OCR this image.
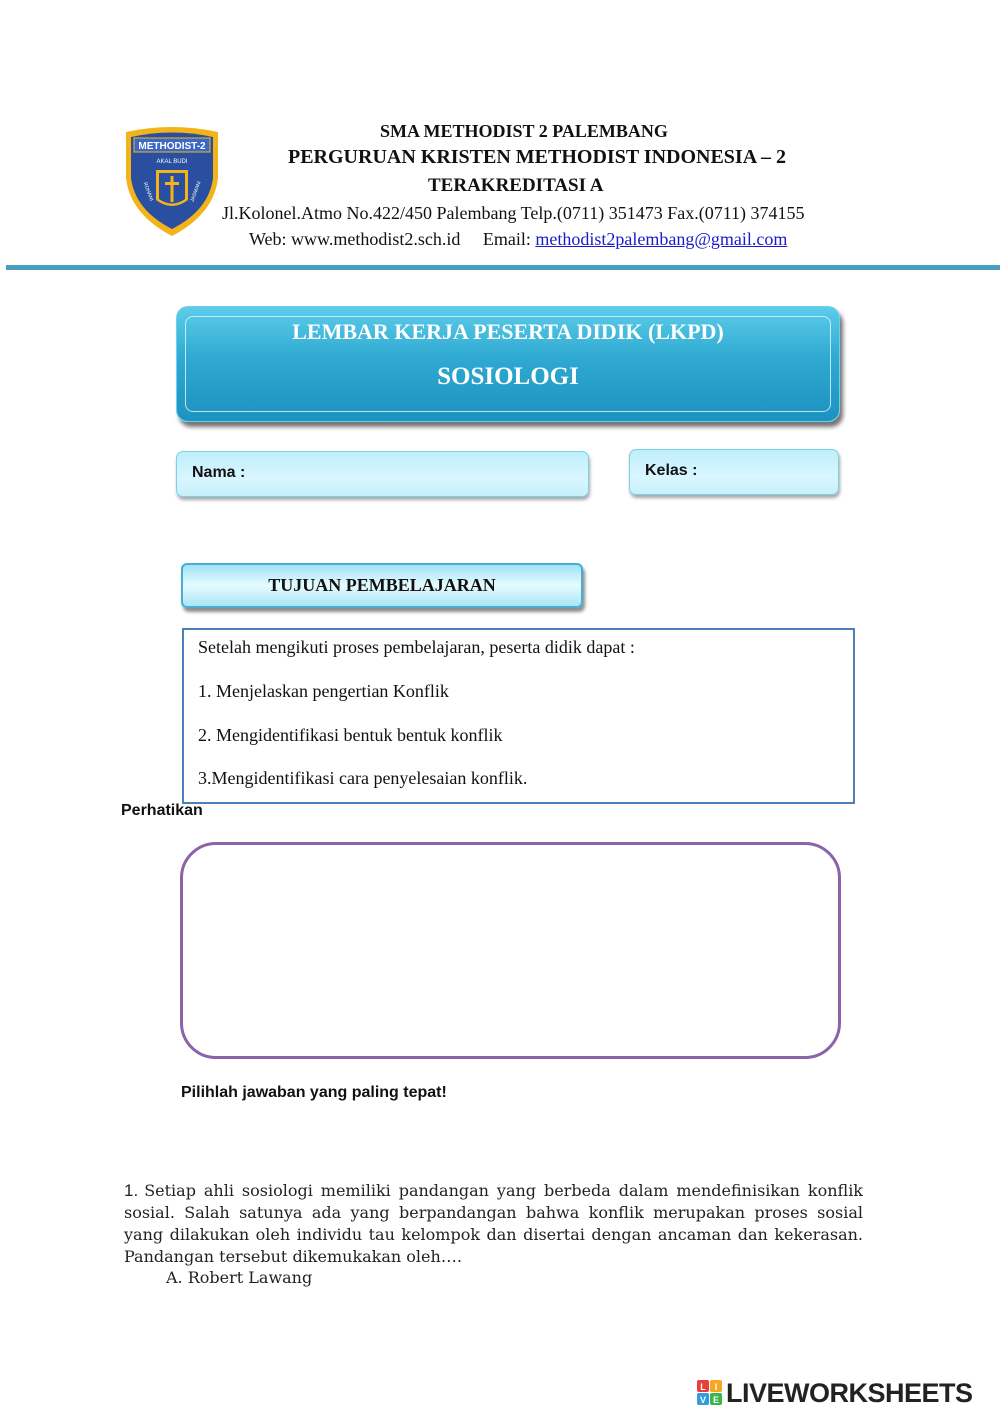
METHODIST-2
AKAL BUDI
ROHANI	JASMANI
SMA METHODIST 2 PALEMBANG
PERGURUAN KRISTEN METHODIST INDONESIA – 2
TERAKREDITASI A
Jl.Kolonel.Atmo No.422/450 Palembang Telp.(0711) 351473 Fax.(0711) 374155
Web: www.methodist2.sch.id Email: methodist2palembang@gmail.com
LEMBAR KERJA PESERTA DIDIK (LKPD)
SOSIOLOGI
Nama :	Kelas :
TUJUAN PEMBELAJARAN
Setelah mengikuti proses pembelajaran, peserta didik dapat :
1. Menjelaskan pengertian Konflik
2. Mengidentifikasi bentuk bentuk konflik
3.Mengidentifikasi cara penyelesaian konflik.
Perhatikan
Pilihlah jawaban yang paling tepat!
1. Setiap ahli sosiologi memiliki pandangan yang berbeda dalam mendefinisikan konflik sosial. Salah satunya ada yang berpandangan bahwa konflik merupakan proses sosial yang dilakukan oleh individu tau kelompok dan disertai dengan ancaman dan kekerasan. Pandangan tersebut dikemukakan oleh….
A. Robert Lawang
L I
V E LIVEWORKSHEETS
